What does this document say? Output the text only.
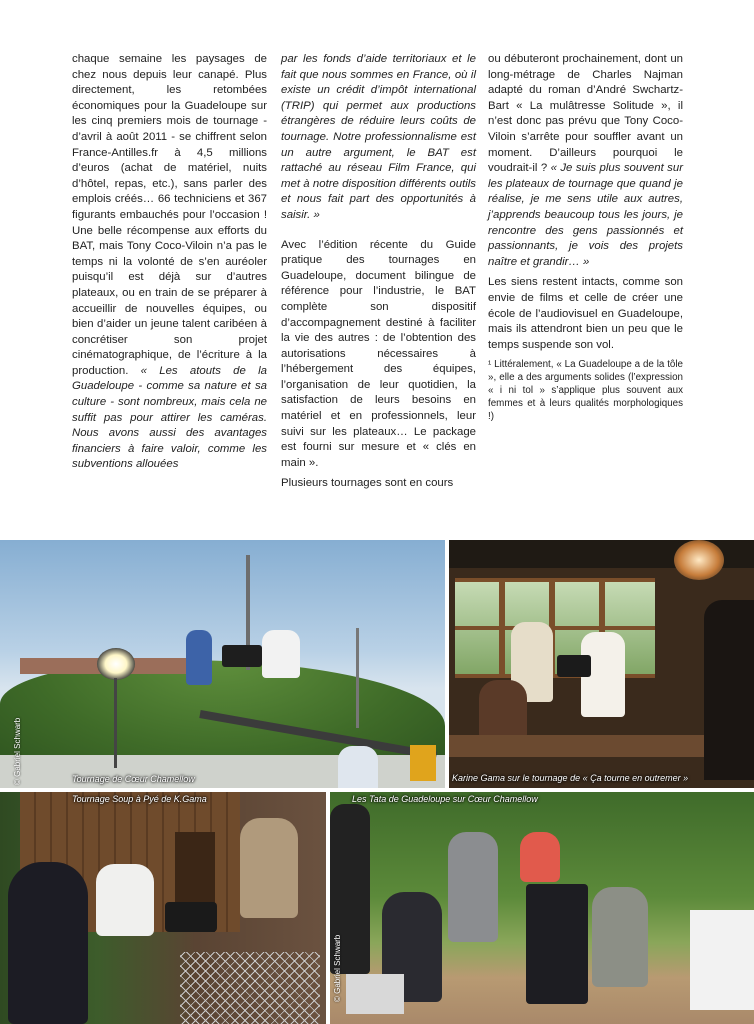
chaque semaine les paysages de chez nous depuis leur canapé. Plus directement, les retombées économiques pour la Guadeloupe sur les cinq premiers mois de tournage - d’avril à août 2011 - se chiffrent selon France-Antilles.fr à 4,5 millions d’euros (achat de matériel, nuits d’hôtel, repas, etc.), sans parler des emplois créés… 66 techniciens et 367 figurants embauchés pour l’occasion ! Une belle récompense aux efforts du BAT, mais Tony Coco-Viloin n’a pas le temps ni la volonté de s’en auréoler puisqu’il est déjà sur d’autres plateaux, ou en train de se préparer à accueillir de nouvelles équipes, ou bien d’aider un jeune talent caribéen à concrétiser son projet cinématographique, de l’écriture à la production. « Les atouts de la Guadeloupe - comme sa nature et sa culture - sont nombreux, mais cela ne suffit pas pour attirer les caméras. Nous avons aussi des avantages financiers à faire valoir, comme les subventions allouées

par les fonds d’aide territoriaux et le fait que nous sommes en France, où il existe un crédit d’impôt international (TRIP) qui permet aux productions étrangères de réduire leurs coûts de tournage. Notre professionnalisme est un autre argument, le BAT est rattaché au réseau Film France, qui met à notre disposition différents outils et nous fait part des opportunités à saisir. »

Avec l’édition récente du Guide pratique des tournages en Guadeloupe, document bilingue de référence pour l’industrie, le BAT complète son dispositif d’accompagnement destiné à faciliter la vie des autres : de l’obtention des autorisations nécessaires à l’hébergement des équipes, l’organisation de leur quotidien, la satisfaction de leurs besoins en matériel et en professionnels, leur suivi sur les plateaux… Le package est fourni sur mesure et « clés en main ».

Plusieurs tournages sont en cours

ou débuteront prochainement, dont un long-métrage de Charles Najman adapté du roman d’André Swchartz-Bart « La mulâtresse Solitude », il n’est donc pas prévu que Tony Coco-Viloin s’arrête pour souffler avant un moment. D’ailleurs pourquoi le voudrait-il ? « Je suis plus souvent sur les plateaux de tournage que quand je réalise, je me sens utile aux autres, j’apprends beaucoup tous les jours, je rencontre des gens passionnés et passionnants, je vois des projets naître et grandir… »

Les siens restent intacts, comme son envie de films et celle de créer une école de l’audiovisuel en Guadeloupe, mais ils attendront bien un peu que le temps suspende son vol.

¹ Littéralement, « La Guadeloupe a de la tôle », elle a des arguments solides (l’expression « i ni tol » s’applique plus souvent aux femmes et à leurs qualités morphologiques !)

Tournage de Cœur Chamellow
© Gabriel Schwarb	Karine Gama sur le tournage de « Ça tourne en outremer »
Tournage Soup à Pyé de K.Gama	Les Tata de Guadeloupe sur Cœur Chamellow
© Gabriel Schwarb
